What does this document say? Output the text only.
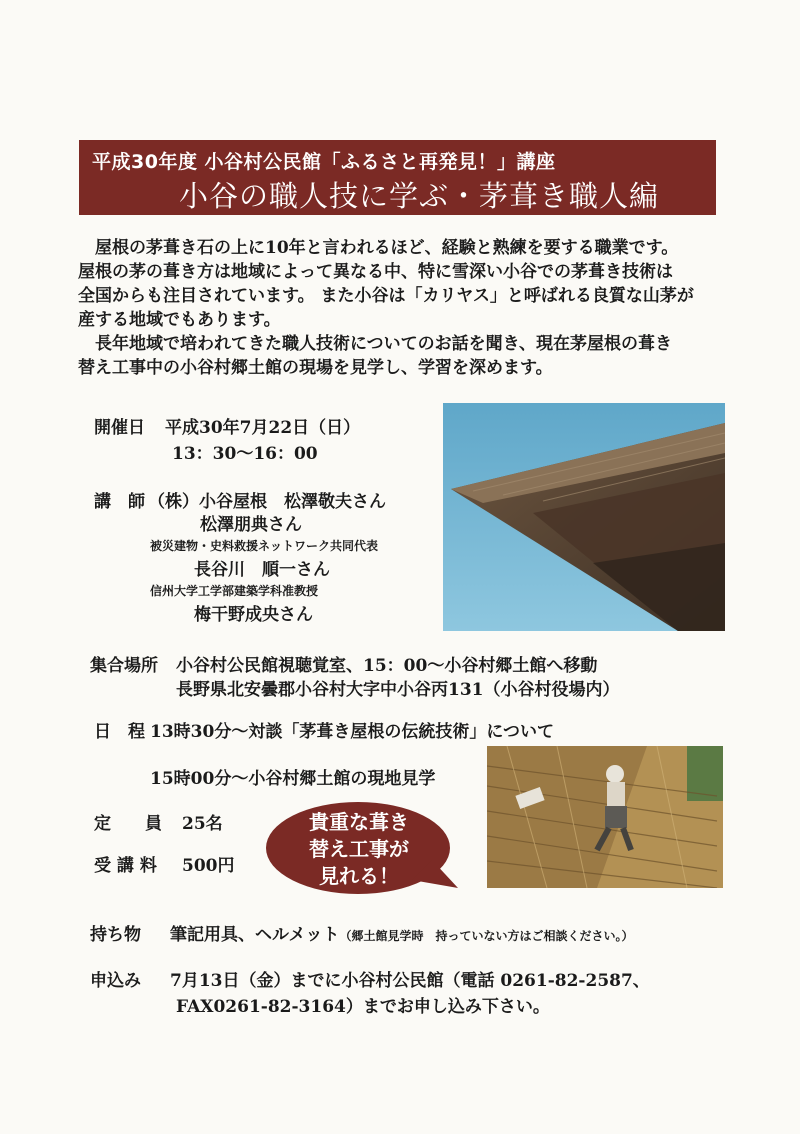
平成30年度 小谷村公民館「ふるさと再発見！」講座
小谷の職人技に学ぶ・茅葺き職人編
　屋根の茅葺き石の上に10年と言われるほど、経験と熟練を要する職業です。
屋根の茅の葺き方は地域によって異なる中、特に雪深い小谷での茅葺き技術は
全国からも注目されています。 また小谷は「カリヤス」と呼ばれる良質な山茅が
産する地域でもあります。
　長年地域で培われてきた職人技術についてのお話を聞き、現在茅屋根の葺き
替え工事中の小谷村郷土館の現場を見学し、学習を深めます。
開催日 平成30年7月22日（日）
13：30～16：00
講　師 （株）小谷屋根　松澤敬夫さん
松澤朋典さん
被災建物・史料救援ネットワーク共同代表
長谷川　順一さん
信州大学工学部建築学科准教授
梅干野成央さん
集合場所 小谷村公民館視聴覚室、15：00～小谷村郷土館へ移動
長野県北安曇郡小谷村大字中小谷丙131（小谷村役場内）
日　程 13時30分～対談「茅葺き屋根の伝統技術」について
15時00分～小谷村郷土館の現地見学
定　　員 25名
受 講 料 500円
貴重な葺き
替え工事が
見れる！
持ち物 筆記用具、ヘルメット（郷土館見学時　持っていない方はご相談ください。）
申込み 7月13日（金）までに小谷村公民館（電話 0261-82-2587、
FAX0261-82-3164）までお申し込み下さい。
